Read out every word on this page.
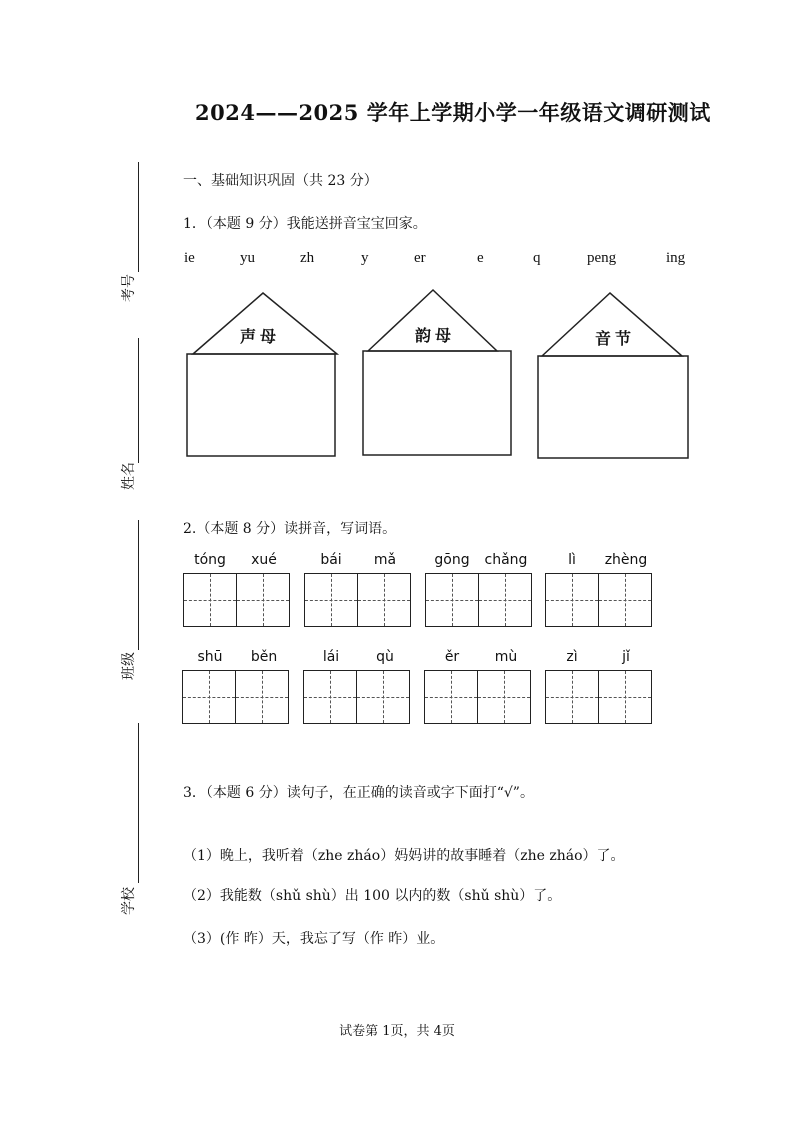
2024——2025 学年上学期小学一年级语文调研测试
考号
姓名
班级
学校
一、基础知识巩固（共 23 分）
1．（本题 9 分）我能送拼音宝宝回家。
ie	yu	zh	y	er	e	q	peng	ing
声母	韵母	音节
2.（本题 8 分）读拼音，写词语。
tóng	xué	bái	mǎ	gōng	chǎng	lì	zhèng
shū	běn	lái	qù	ěr	mù	zì	jǐ
3．（本题 6 分）读句子，在正确的读音或字下面打“√”。
（1）晚上，我听着（zhe zháo）妈妈讲的故事睡着（zhe zháo）了。
（2）我能数（shǔ shù）出 100 以内的数（shǔ shù）了。
（3）(作 昨）天，我忘了写（作 昨）业。
试卷第 1页，共 4页
